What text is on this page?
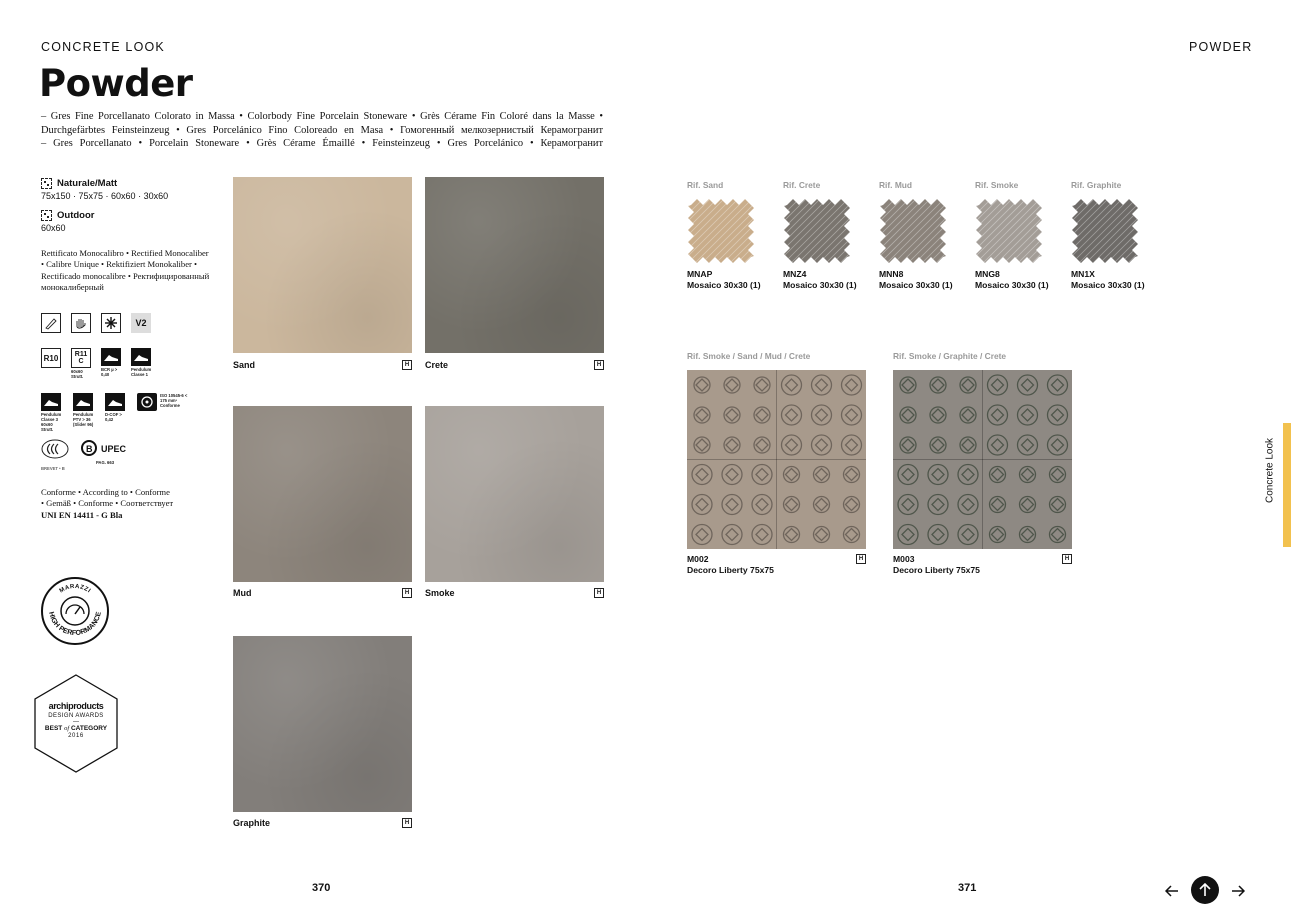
CONCRETE LOOK
Powder
– Gres Fine Porcellanato Colorato in Massa • Colorbody Fine Porcelain Stoneware • Grès Cérame Fin Coloré dans la Masse •
Durchgefärbtes Feinsteinzeug • Gres Porcelánico Fino Coloreado en Masa • Гомогенный мелкозернистый Керамогранит
– Gres Porcellanato • Porcelain Stoneware • Grès Cérame Émaillé • Feinsteinzeug • Gres Porcelánico • Керамогранит
Naturale/Matt
75x150 · 75x75 · 60x60 · 30x60
Outdoor
60x60
Rettificato Monocalibro • Rectified Monocaliber
• Calibre Unique • Rektifiziert Monokaliber •
Rectificado monocalibre • Ректифицированный
монокалиберный
V2
R10	R11
C
60x60 Strutt.
BCR µ > 0,40
Pendulum Classe 1
Pendulum Classe 3 60x60 Strutt.
Pendulum PTV > 36 (Slider 96)
D-COF > 0,42
ISO 10545-6 < 175 mm³ Conforme
BREVET • B
B UPEC
PAG. 663
Conforme • According to • Conforme
• Gemäß • Conforme • Соответствует
UNI EN 14411 - G Bla
MARAZZI
HIGH PERFORMANCE
archiproducts
DESIGN AWARDS
—
BEST of CATEGORY
2016
Sand	H	Crete	H
Mud	H	Smoke	H
Graphite	H
370
POWDER
Rif. Sand
MNAP
Mosaico 30x30 (1)
Rif. Crete
MNZ4
Mosaico 30x30 (1)
Rif. Mud
MNN8
Mosaico 30x30 (1)
Rif. Smoke
MNG8
Mosaico 30x30 (1)
Rif. Graphite
MN1X
Mosaico 30x30 (1)
Rif. Smoke / Sand / Mud / Crete
M002
Decoro Liberty 75x75
H
Rif. Smoke / Graphite / Crete
M003
Decoro Liberty 75x75
H
Concrete Look
371
